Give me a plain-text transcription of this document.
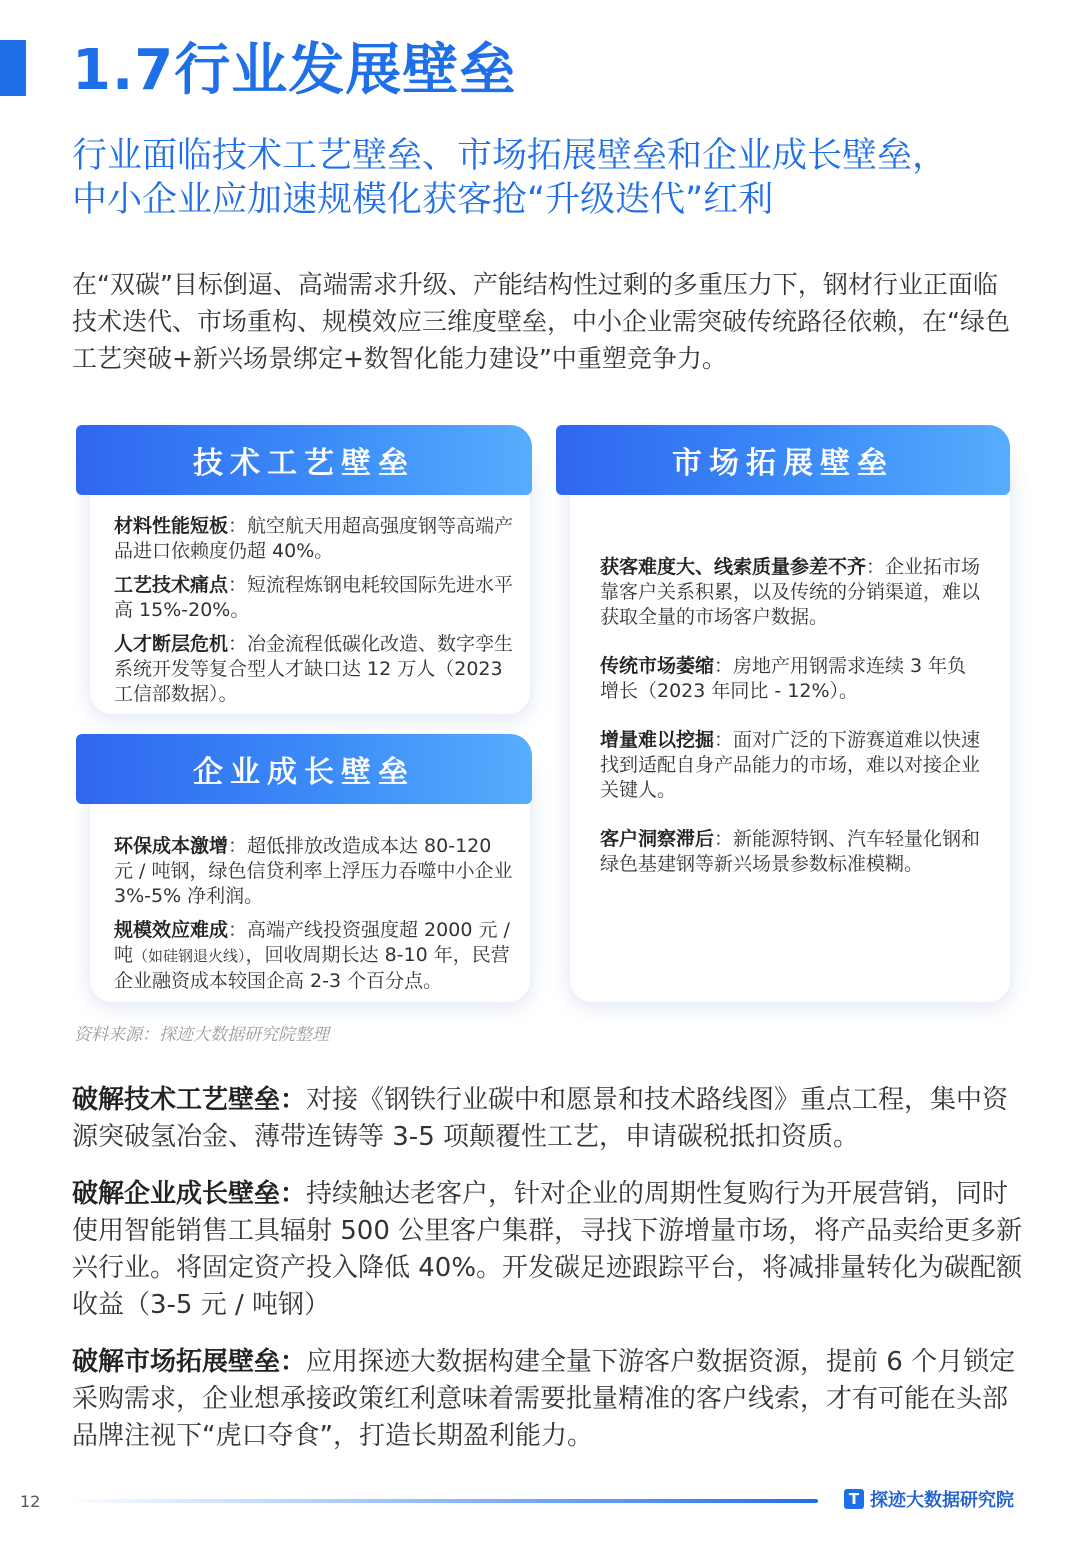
1.7行业发展壁垒
行业面临技术工艺壁垒、市场拓展壁垒和企业成长壁垒，
中小企业应加速规模化获客抢“升级迭代”红利
在“双碳”目标倒逼、高端需求升级、产能结构性过剩的多重压力下，钢材行业正面临技术迭代、市场重构、规模效应三维度壁垒，中小企业需突破传统路径依赖，在“绿色工艺突破+新兴场景绑定+数智化能力建设”中重塑竞争力。

材料性能短板：航空航天用超高强度钢等高端产品进口依赖度仍超 40%。

工艺技术痛点：短流程炼钢电耗较国际先进水平高 15%-20%。

人才断层危机：冶金流程低碳化改造、数字孪生系统开发等复合型人才缺口达 12 万人（2023 工信部数据）。

技术工艺壁垒

环保成本激增：超低排放改造成本达 80-120 元 / 吨钢，绿色信贷利率上浮压力吞噬中小企业 3%-5% 净利润。

规模效应难成：高端产线投资强度超 2000 元 / 吨（如硅钢退火线），回收周期长达 8-10 年，民营企业融资成本较国企高 2-3 个百分点。

企业成长壁垒

获客难度大、线索质量参差不齐：企业拓市场靠客户关系积累，以及传统的分销渠道，难以获取全量的市场客户数据。

传统市场萎缩：房地产用钢需求连续 3 年负增长（2023 年同比 - 12%）。

增量难以挖掘：面对广泛的下游赛道难以快速找到适配自身产品能力的市场，难以对接企业关键人。

客户洞察滞后：新能源特钢、汽车轻量化钢和绿色基建钢等新兴场景参数标准模糊。

市场拓展壁垒
资料来源：探迹大数据研究院整理

破解技术工艺壁垒：对接《钢铁行业碳中和愿景和技术路线图》重点工程，集中资源突破氢冶金、薄带连铸等 3-5 项颠覆性工艺，申请碳税抵扣资质。

破解企业成长壁垒：持续触达老客户，针对企业的周期性复购行为开展营销，同时使用智能销售工具辐射 500 公里客户集群，寻找下游增量市场，将产品卖给更多新兴行业。将固定资产投入降低 40%。开发碳足迹跟踪平台，将减排量转化为碳配额收益（3-5 元 / 吨钢）

破解市场拓展壁垒：应用探迹大数据构建全量下游客户数据资源，提前 6 个月锁定采购需求，企业想承接政策红利意味着需要批量精准的客户线索，才有可能在头部品牌注视下“虎口夺食”，打造长期盈利能力。

12	T 探迹大数据研究院
